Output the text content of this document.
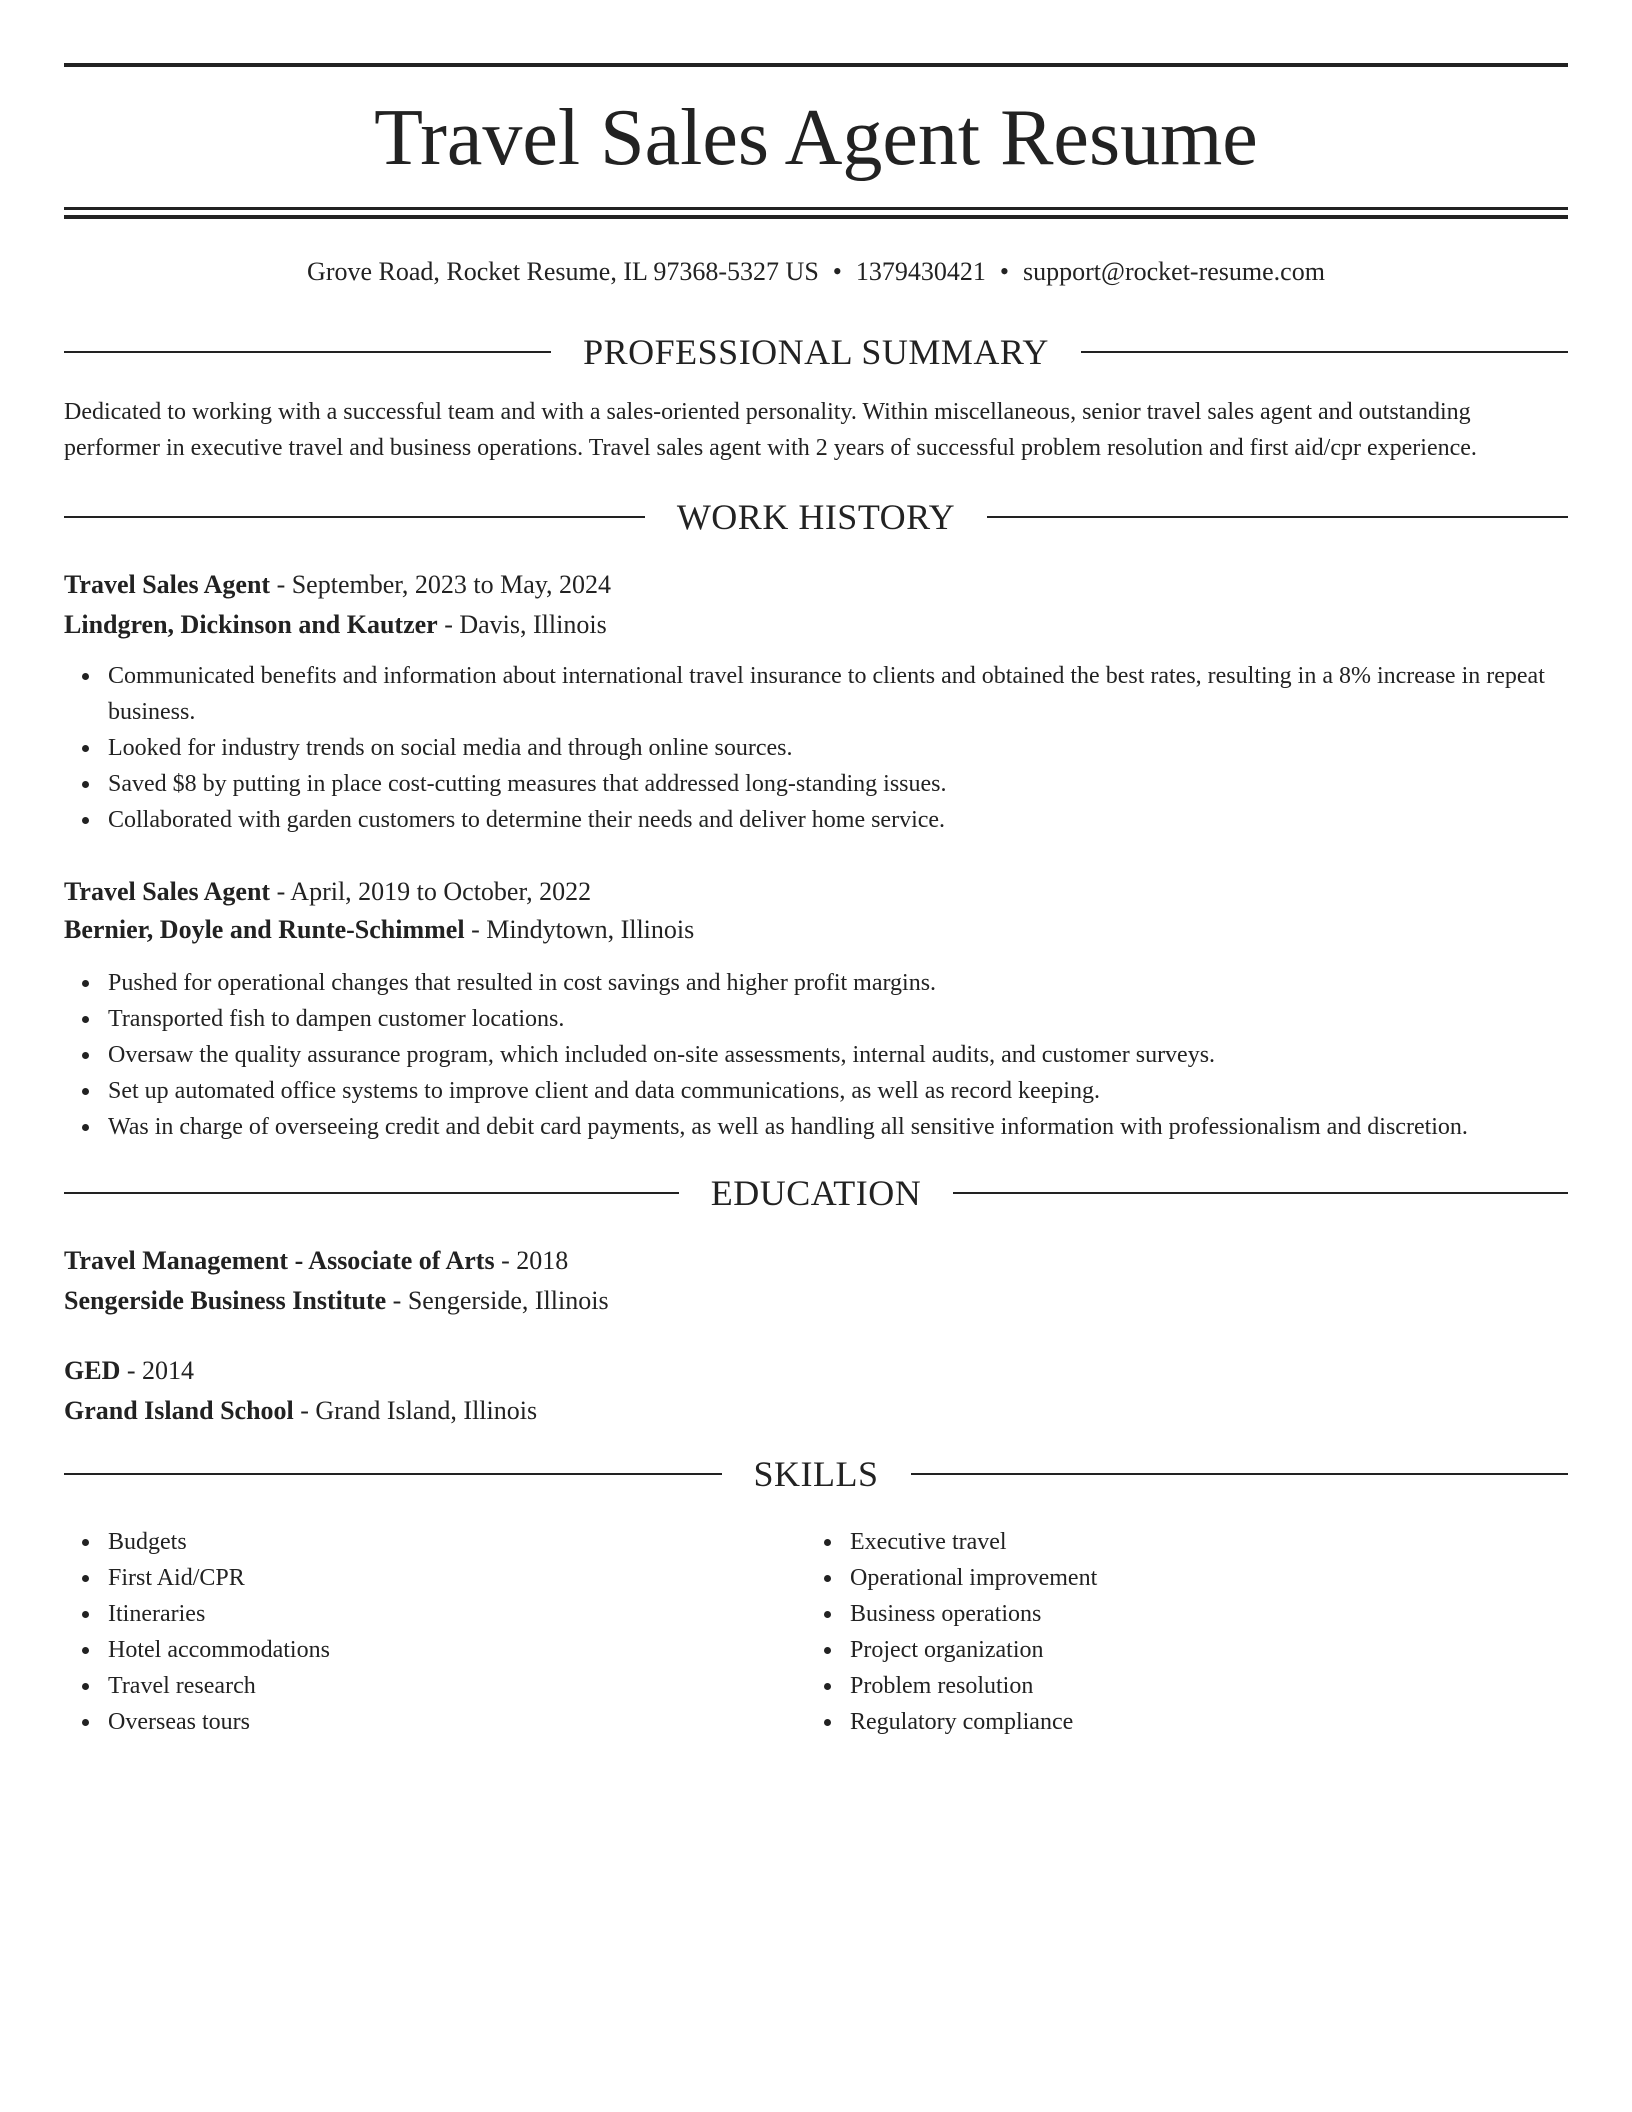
Travel Sales Agent Resume
Grove Road, Rocket Resume, IL 97368-5327 US • 1379430421 • support@rocket-resume.com
PROFESSIONAL SUMMARY
Dedicated to working with a successful team and with a sales-oriented personality. Within miscellaneous, senior travel sales agent and outstanding performer in executive travel and business operations. Travel sales agent with 2 years of successful problem resolution and first aid/cpr experience.
WORK HISTORY
Travel Sales Agent - September, 2023 to May, 2024
Lindgren, Dickinson and Kautzer - Davis, Illinois
Communicated benefits and information about international travel insurance to clients and obtained the best rates, resulting in a 8% increase in repeat business.
Looked for industry trends on social media and through online sources.
Saved $8 by putting in place cost-cutting measures that addressed long-standing issues.
Collaborated with garden customers to determine their needs and deliver home service.
Travel Sales Agent - April, 2019 to October, 2022
Bernier, Doyle and Runte-Schimmel - Mindytown, Illinois
Pushed for operational changes that resulted in cost savings and higher profit margins.
Transported fish to dampen customer locations.
Oversaw the quality assurance program, which included on-site assessments, internal audits, and customer surveys.
Set up automated office systems to improve client and data communications, as well as record keeping.
Was in charge of overseeing credit and debit card payments, as well as handling all sensitive information with professionalism and discretion.
EDUCATION
Travel Management - Associate of Arts - 2018
Sengerside Business Institute - Sengerside, Illinois
GED - 2014
Grand Island School - Grand Island, Illinois
SKILLS
Budgets
First Aid/CPR
Itineraries
Hotel accommodations
Travel research
Overseas tours
Executive travel
Operational improvement
Business operations
Project organization
Problem resolution
Regulatory compliance
